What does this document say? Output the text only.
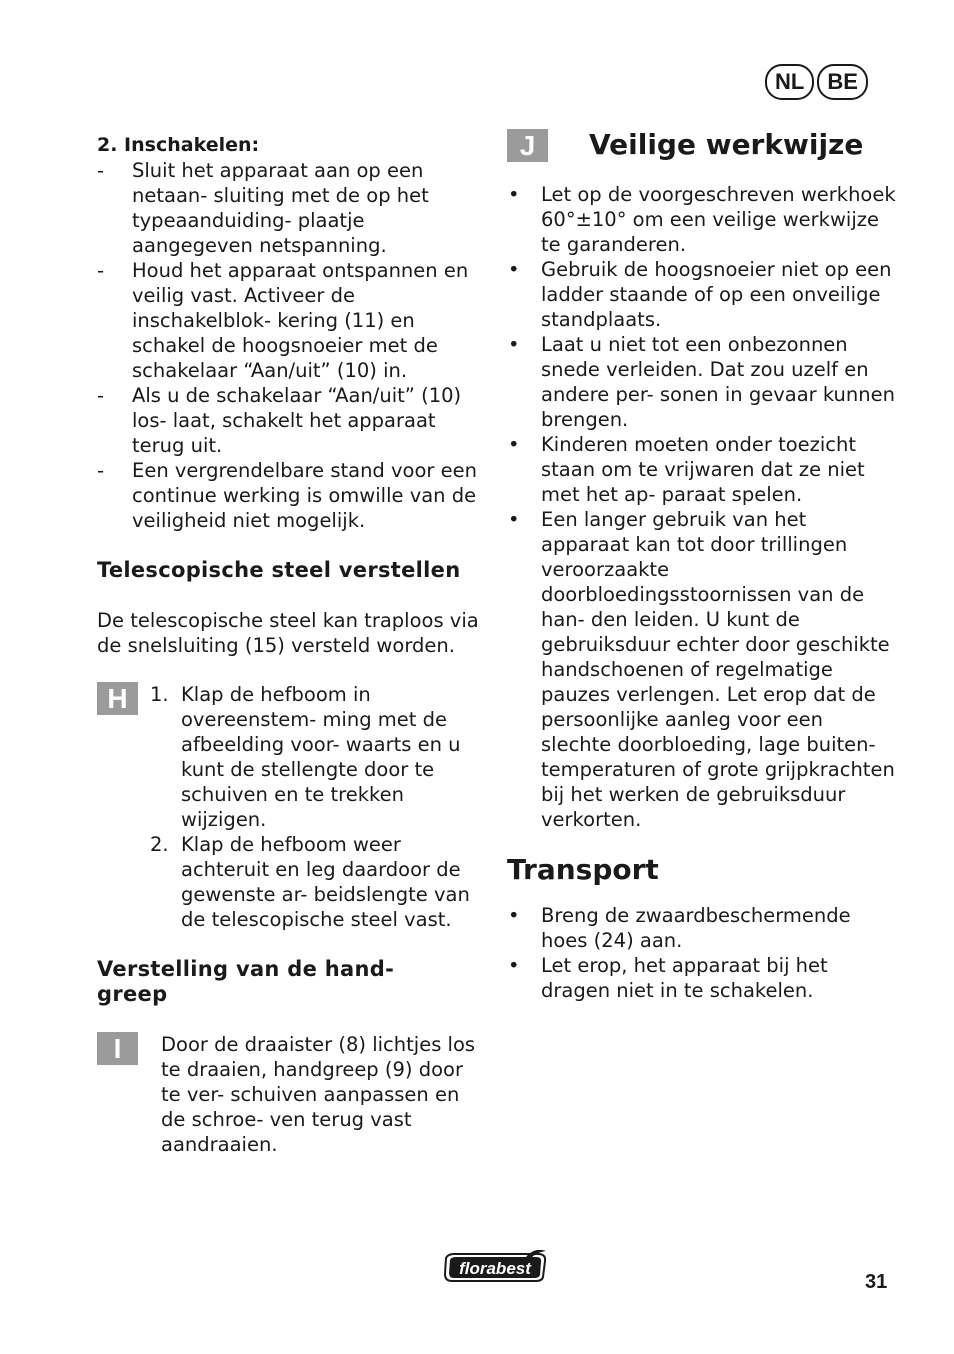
NL	BE
2. Inschakelen:
- Sluit het apparaat aan op een netaan- sluiting met de op het typeaanduiding- plaatje aangegeven netspanning.
- Houd het apparaat ontspannen en veilig vast. Activeer de inschakelblok- kering (11) en schakel de hoogsnoeier met de schakelaar “Aan/uit” (10) in.
- Als u de schakelaar “Aan/uit” (10) los- laat, schakelt het apparaat terug uit.
- Een vergrendelbare stand voor een continue werking is omwille van de veiligheid niet mogelijk.
Telescopische steel verstellen

De telescopische steel kan traploos via de snelsluiting (15) versteld worden.

H	1. Klap de hefboom in overeenstem- ming met de afbeelding voor- waarts en u kunt de stellengte door te schuiven en te trekken wijzigen.
2. Klap de hefboom weer achteruit en leg daardoor de gewenste ar- beidslengte van de telescopische steel vast.
Verstelling van de hand- greep
I	Door de draaister (8) lichtjes los te draaien, handgreep (9) door te ver- schuiven aanpassen en de schroe- ven terug vast aandraaien.

J	Veilige werkwijze
• Let op de voorgeschreven werkhoek 60°±10° om een veilige werkwijze te garanderen.
• Gebruik de hoogsnoeier niet op een ladder staande of op een onveilige standplaats.
• Laat u niet tot een onbezonnen snede verleiden. Dat zou uzelf en andere per- sonen in gevaar kunnen brengen.
• Kinderen moeten onder toezicht staan om te vrijwaren dat ze niet met het ap- paraat spelen.
• Een langer gebruik van het apparaat kan tot door trillingen veroorzaakte doorbloedingsstoornissen van de han- den leiden. U kunt de gebruiksduur echter door geschikte handschoenen of regelmatige pauzes verlengen. Let erop dat de persoonlijke aanleg voor een slechte doorbloeding, lage buiten- temperaturen of grote grijpkrachten bij het werken de gebruiksduur verkorten.
Transport
• Breng de zwaardbeschermende hoes (24) aan.
• Let erop, het apparaat bij het dragen niet in te schakelen.
florabest
31
